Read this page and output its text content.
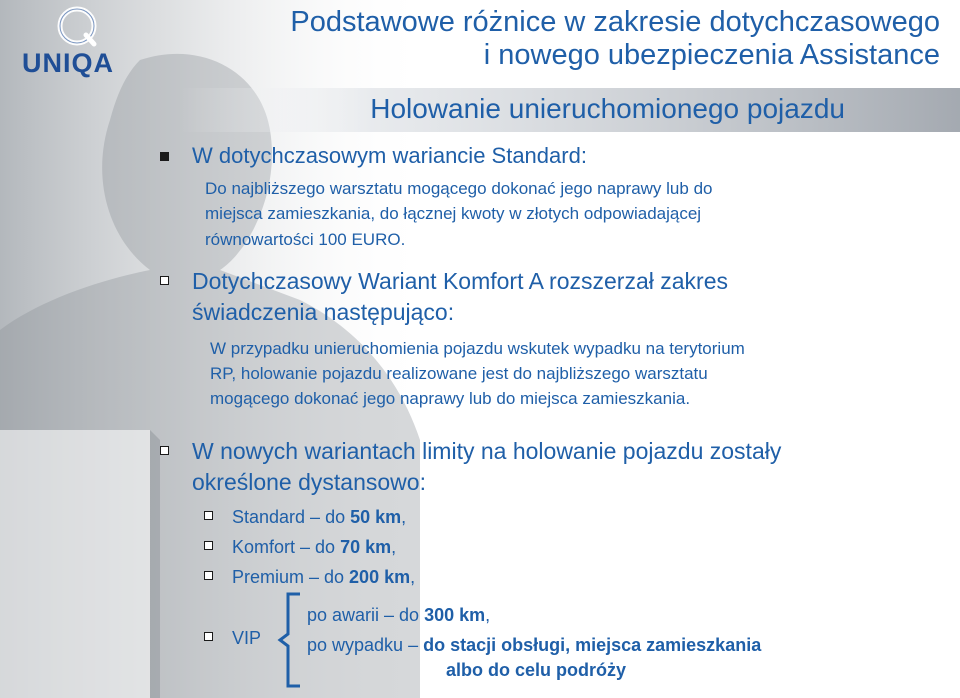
UNIQA
Podstawowe różnice w zakresie dotychczasowego
i nowego ubezpieczenia Assistance
Holowanie unieruchomionego pojazdu
W dotychczasowym wariancie Standard:
Do najbliższego warsztatu mogącego dokonać jego naprawy lub do
miejsca zamieszkania, do łącznej kwoty w złotych odpowiadającej
równowartości 100 EURO.
Dotychczasowy Wariant Komfort A rozszerzał zakres
świadczenia następująco:
W przypadku unieruchomienia pojazdu wskutek wypadku na terytorium
RP, holowanie pojazdu realizowane jest do najbliższego warsztatu
mogącego dokonać jego naprawy lub do miejsca zamieszkania.
W nowych wariantach limity na holowanie pojazdu zostały
określone dystansowo:
Standard – do 50 km,
Komfort – do 70 km,
Premium – do 200 km,
VIP
po awarii – do 300 km,
po wypadku – do stacji obsługi, miejsca zamieszkania
albo do celu podróży
